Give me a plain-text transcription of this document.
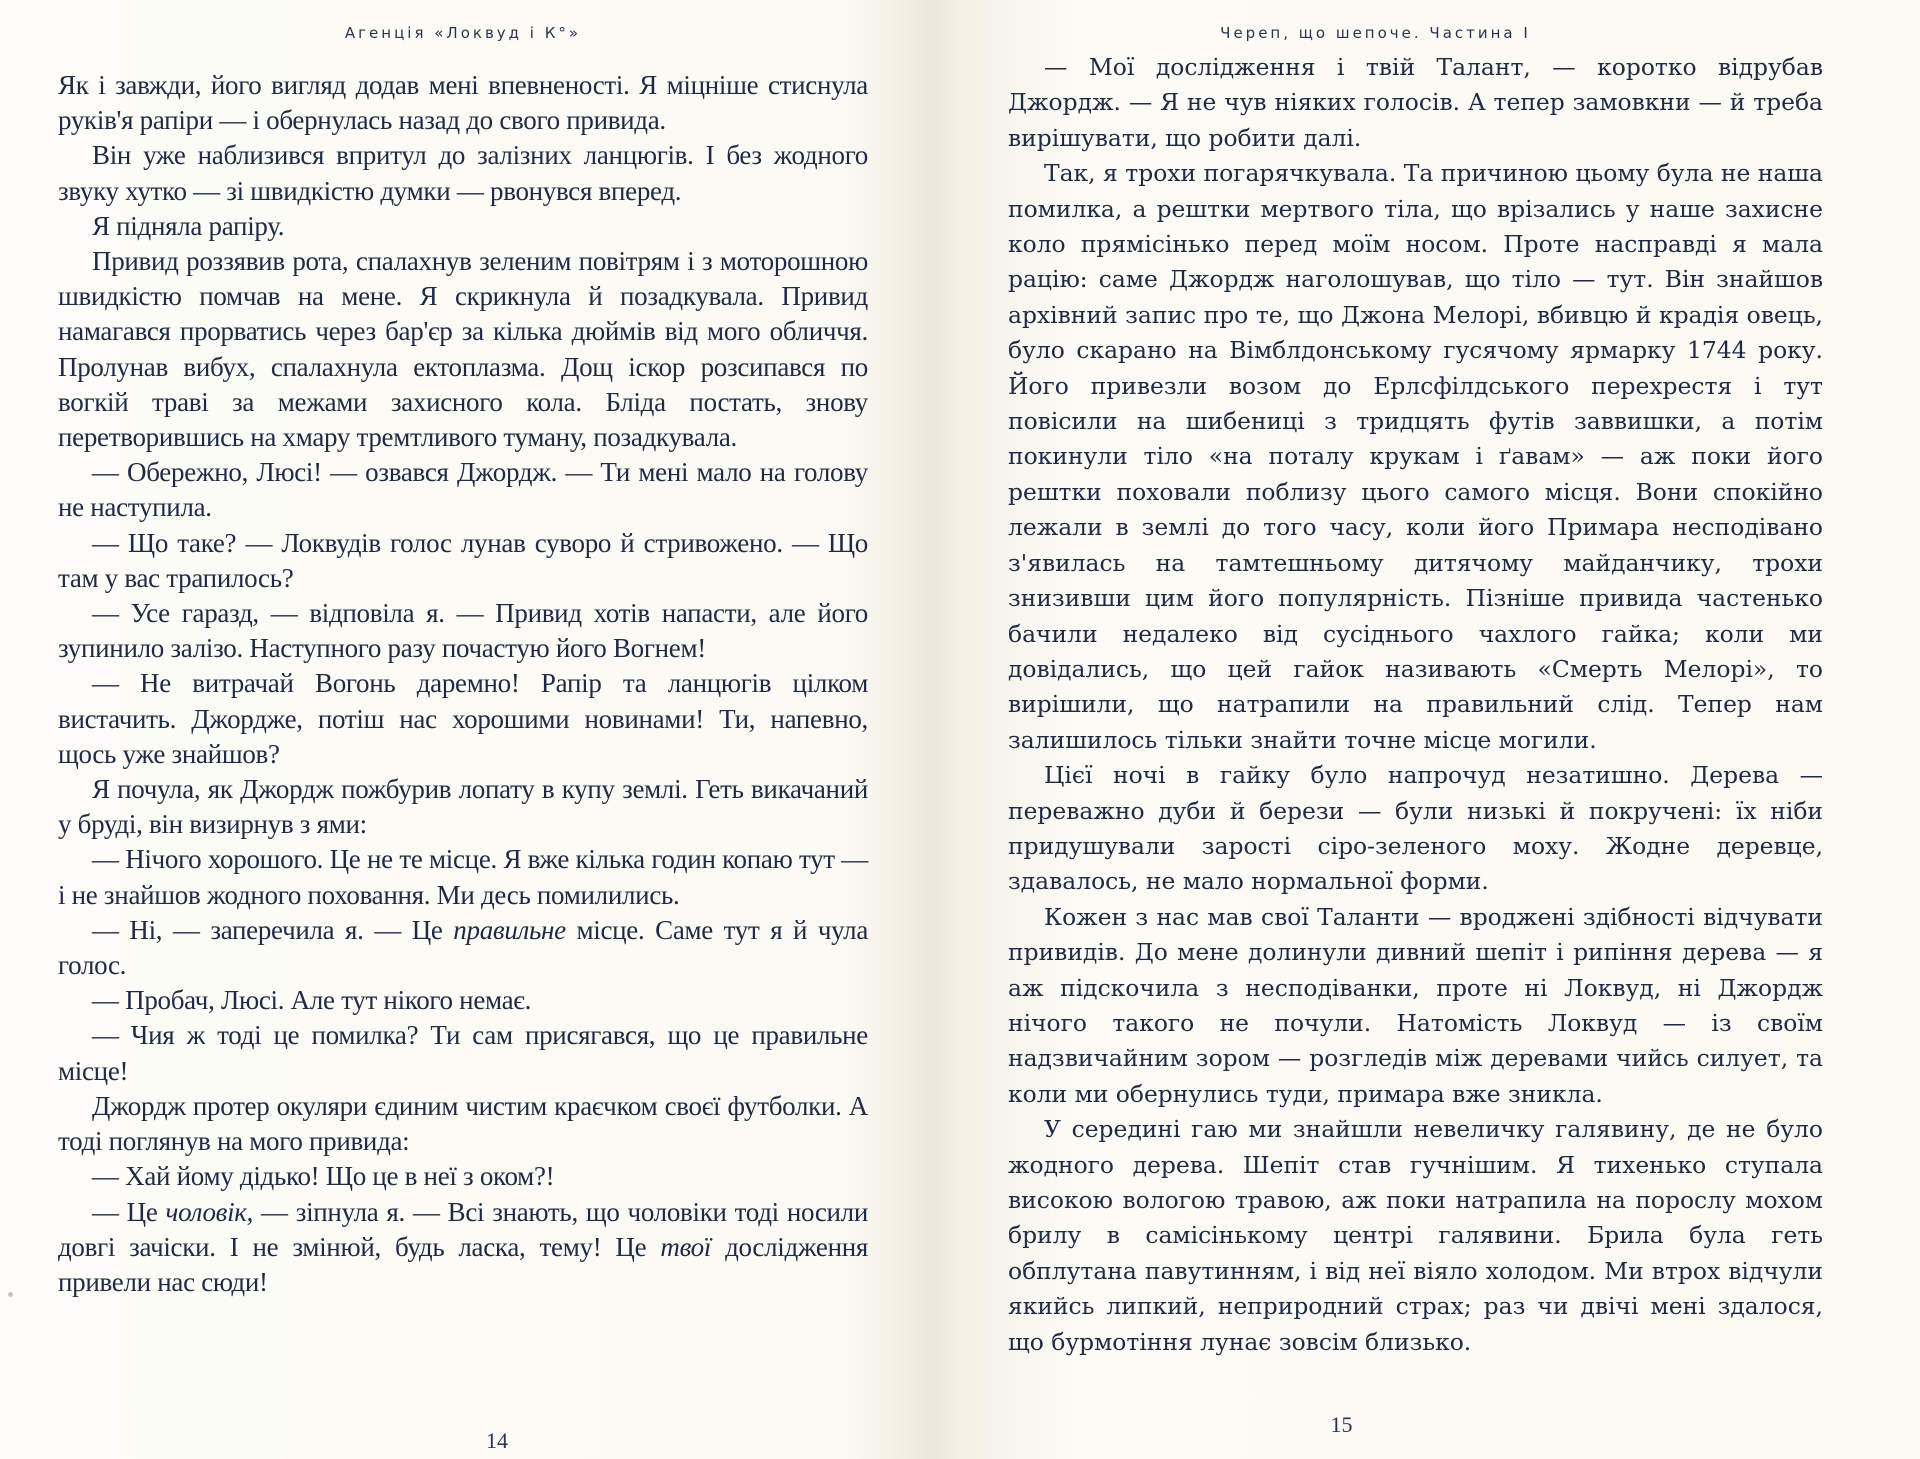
Агенція «Локвуд і К°»

Як і завжди, його вигляд додав мені впевненості. Я міцніше стиснула руків'я рапіри — і обернулась назад до свого привида.

Він уже наблизився впритул до залізних ланцюгів. І без жодного звуку хутко — зі швидкістю думки — рвонувся вперед.

Я підняла рапіру.

Привид роззявив рота, спалахнув зеленим повітрям і з моторошною швидкістю помчав на мене. Я скрикнула й позадкувала. Привид намагався прорватись через бар'єр за кілька дюймів від мого обличчя. Пролунав вибух, спалахнула ектоплазма. Дощ іскор розсипався по вогкій траві за межами захисного кола. Бліда постать, знову перетворившись на хмару тремтливого туману, позадкувала.

— Обережно, Люсі! — озвався Джордж. — Ти мені мало на голову не наступила.

— Що таке? — Локвудів голос лунав суворо й стривожено. — Що там у вас трапилось?

— Усе гаразд, — відповіла я. — Привид хотів напасти, але його зупинило залізо. Наступного разу почастую його Вогнем!

— Не витрачай Вогонь даремно! Рапір та ланцюгів цілком вистачить. Джордже, потіш нас хорошими новинами! Ти, напевно, щось уже знайшов?

Я почула, як Джордж пожбурив лопату в купу землі. Геть викачаний у бруді, він визирнув з ями:

— Нічого хорошого. Це не те місце. Я вже кілька годин копаю тут — і не знайшов жодного поховання. Ми десь помилились.

— Ні, — заперечила я. — Це правильне місце. Саме тут я й чула голос.

— Пробач, Люсі. Але тут нікого немає.

— Чия ж тоді це помилка? Ти сам присягався, що це правильне місце!

Джордж протер окуляри єдиним чистим краєчком своєї футболки. А тоді поглянув на мого привида:

— Хай йому дідько! Що це в неї з оком?!

— Це чоловік, — зіпнула я. — Всі знають, що чоловіки тоді носили довгі зачіски. І не змінюй, будь ласка, тему! Це твої дослідження привели нас сюди!

14
Череп, що шепоче. Частина І

— Мої дослідження і твій Талант, — коротко відрубав Джордж. — Я не чув ніяких голосів. А тепер замовкни — й треба вирішувати, що робити далі.

Так, я трохи погарячкувала. Та причиною цьому була не наша помилка, а рештки мертвого тіла, що врізались у наше захисне коло прямісінько перед моїм носом. Проте насправді я мала рацію: саме Джордж наголошував, що тіло — тут. Він знайшов архівний запис про те, що Джона Мелорі, вбивцю й крадія овець, було скарано на Вімблдонському гусячому ярмарку 1744 року. Його привезли возом до Ерлсфілдського перехрестя і тут повісили на шибениці з тридцять футів заввишки, а потім покинули тіло «на поталу крукам і ґавам» — аж поки його рештки поховали поблизу цього самого місця. Вони спокійно лежали в землі до того часу, коли його Примара несподівано з'явилась на тамтешньому дитячому майданчику, трохи знизивши цим його популярність. Пізніше привида частенько бачили недалеко від сусіднього чахлого гайка; коли ми довідались, що цей гайок називають «Смерть Мелорі», то вирішили, що натрапили на правильний слід. Тепер нам залишилось тільки знайти точне місце могили.

Цієї ночі в гайку було напрочуд незатишно. Дерева — переважно дуби й берези — були низькі й покручені: їх ніби придушували зарості сіро-зеленого моху. Жодне деревце, здавалось, не мало нормальної форми.

Кожен з нас мав свої Таланти — вроджені здібності відчувати привидів. До мене долинули дивний шепіт і рипіння дерева — я аж підскочила з несподіванки, проте ні Локвуд, ні Джордж нічого такого не почули. Натомість Локвуд — із своїм надзвичайним зором — розгледів між деревами чийсь силует, та коли ми обернулись туди, примара вже зникла.

У середині гаю ми знайшли невеличку галявину, де не було жодного дерева. Шепіт став гучнішим. Я тихенько ступала високою вологою травою, аж поки натрапила на порослу мохом брилу в самісінькому центрі галявини. Брила була геть обплутана павутинням, і від неї віяло холодом. Ми втрох відчули якийсь липкий, неприродний страх; раз чи двічі мені здалося, що бурмотіння лунає зовсім близько.

15
